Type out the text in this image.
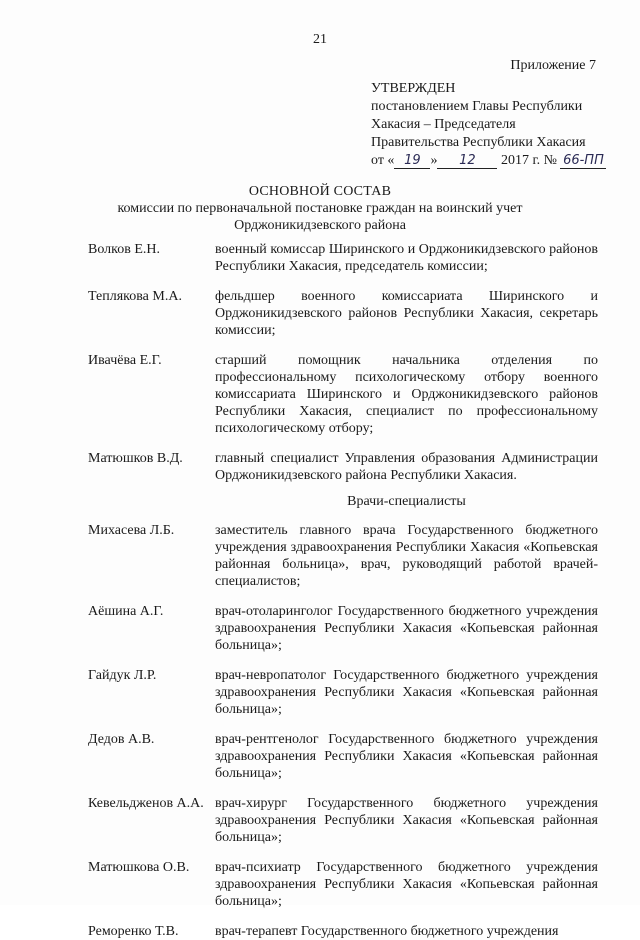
21
Приложение 7
УТВЕРЖДЕН
постановлением Главы Республики
Хакасия – Председателя
Правительства Республики Хакасия
от « 19 » 12 2017 г. № 66-ПП
ОСНОВНОЙ СОСТАВ
комиссии по первоначальной постановке граждан на воинский учет
Орджоникидзевского района
Волков Е.Н.	военный комиссар Ширинского и Орджоникидзевского районов Республики Хакасия, председатель комиссии;
Теплякова М.А.	фельдшер военного комиссариата Ширинского и Орджоникидзевского районов Республики Хакасия, секретарь комиссии;
Ивачёва Е.Г.	старший помощник начальника отделения по профессиональному психологическому отбору военного комиссариата Ширинского и Орджоникидзевского районов Республики Хакасия, специалист по профессиональному психологическому отбору;
Матюшков В.Д.	главный специалист Управления образования Администрации Орджоникидзевского района Республики Хакасия.
Врачи-специалисты
Михасева Л.Б.	заместитель главного врача Государственного бюджетного учреждения здравоохранения Республики Хакасия «Копьевская районная больница», врач, руководящий работой врачей-специалистов;
Аёшина А.Г.	врач-отоларинголог Государственного бюджетного учреждения здравоохранения Республики Хакасия «Копьевская районная больница»;
Гайдук Л.Р.	врач-невропатолог Государственного бюджетного учреждения здравоохранения Республики Хакасия «Копьевская районная больница»;
Дедов А.В.	врач-рентгенолог Государственного бюджетного учреждения здравоохранения Республики Хакасия «Копьевская районная больница»;
Кевельдженов А.А. врач-хирург Государственного бюджетного учреждения здравоохранения Республики Хакасия «Копьевская районная больница»;
Матюшкова О.В.	врач-психиатр Государственного бюджетного учреждения здравоохранения Республики Хакасия «Копьевская районная больница»;
Реморенко Т.В.	врач-терапевт Государственного бюджетного учреждения
